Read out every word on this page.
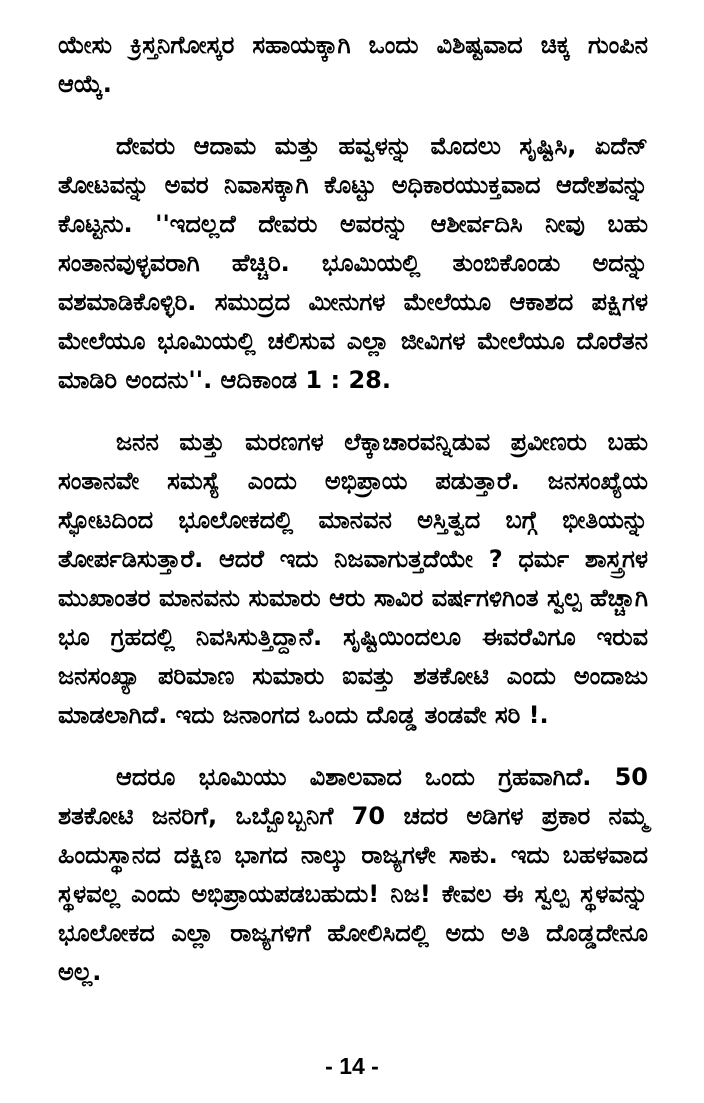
ಯೇಸು ಕ್ರಿಸ್ತನಿಗೋಸ್ಕರ ಸಹಾಯಕ್ಕಾಗಿ ಒಂದು ವಿಶಿಷ್ಟವಾದ ಚಿಕ್ಕ ಗುಂಪಿನ ಆಯ್ಕೆ.

ದೇವರು ಆದಾಮ ಮತ್ತು ಹವ್ವಳನ್ನು ಮೊದಲು ಸೃಷ್ಟಿಸಿ, ಏದೆನ್ ತೋಟವನ್ನು ಅವರ ನಿವಾಸಕ್ಕಾಗಿ ಕೊಟ್ಟು ಅಧಿಕಾರಯುಕ್ತವಾದ ಆದೇಶವನ್ನು ಕೊಟ್ಟನು. ''ಇದಲ್ಲದೆ ದೇವರು ಅವರನ್ನು ಆಶೀರ್ವದಿಸಿ ನೀವು ಬಹು ಸಂತಾನವುಳ್ಳವರಾಗಿ ಹೆಚ್ಚಿರಿ. ಭೂಮಿಯಲ್ಲಿ ತುಂಬಿಕೊಂಡು ಅದನ್ನು ವಶಮಾಡಿಕೊಳ್ಳಿರಿ. ಸಮುದ್ರದ ಮೀನುಗಳ ಮೇಲೆಯೂ ಆಕಾಶದ ಪಕ್ಷಿಗಳ ಮೇಲೆಯೂ ಭೂಮಿಯಲ್ಲಿ ಚಲಿಸುವ ಎಲ್ಲಾ ಜೀವಿಗಳ ಮೇಲೆಯೂ ದೊರೆತನ ಮಾಡಿರಿ ಅಂದನು''. ಆದಿಕಾಂಡ 1 : 28.

ಜನನ ಮತ್ತು ಮರಣಗಳ ಲೆಕ್ಕಾಚಾರವನ್ನಿಡುವ ಪ್ರವೀಣರು ಬಹು ಸಂತಾನವೇ ಸಮಸ್ಯೆ ಎಂದು ಅಭಿಪ್ರಾಯ ಪಡುತ್ತಾರೆ. ಜನಸಂಖ್ಯೆಯ ಸ್ಫೋಟದಿಂದ ಭೂಲೋಕದಲ್ಲಿ ಮಾನವನ ಅಸ್ತಿತ್ವದ ಬಗ್ಗೆ ಭೀತಿಯನ್ನು ತೋರ್ಪಡಿಸುತ್ತಾರೆ. ಆದರೆ ಇದು ನಿಜವಾಗುತ್ತದೆಯೇ ? ಧರ್ಮ ಶಾಸ್ತ್ರಗಳ ಮುಖಾಂತರ ಮಾನವನು ಸುಮಾರು ಆರು ಸಾವಿರ ವರ್ಷಗಳಿಗಿಂತ ಸ್ವಲ್ಪ ಹೆಚ್ಚಾಗಿ ಭೂ ಗ್ರಹದಲ್ಲಿ ನಿವಸಿಸುತ್ತಿದ್ದಾನೆ. ಸೃಷ್ಟಿಯಿಂದಲೂ ಈವರೆವಿಗೂ ಇರುವ ಜನಸಂಖ್ಯಾ ಪರಿಮಾಣ ಸುಮಾರು ಐವತ್ತು ಶತಕೋಟಿ ಎಂದು ಅಂದಾಜು ಮಾಡಲಾಗಿದೆ. ಇದು ಜನಾಂಗದ ಒಂದು ದೊಡ್ಡ ತಂಡವೇ ಸರಿ !.

ಆದರೂ ಭೂಮಿಯು ವಿಶಾಲವಾದ ಒಂದು ಗ್ರಹವಾಗಿದೆ. 50 ಶತಕೋಟಿ ಜನರಿಗೆ, ಒಬ್ಬೊಬ್ಬನಿಗೆ 70 ಚದರ ಅಡಿಗಳ ಪ್ರಕಾರ ನಮ್ಮ ಹಿಂದುಸ್ಥಾನದ ದಕ್ಷಿಣ ಭಾಗದ ನಾಲ್ಕು ರಾಜ್ಯಗಳೇ ಸಾಕು. ಇದು ಬಹಳವಾದ ಸ್ಥಳವಲ್ಲ ಎಂದು ಅಭಿಪ್ರಾಯಪಡಬಹುದು! ನಿಜ! ಕೇವಲ ಈ ಸ್ವಲ್ಪ ಸ್ಥಳವನ್ನು ಭೂಲೋಕದ ಎಲ್ಲಾ ರಾಜ್ಯಗಳಿಗೆ ಹೋಲಿಸಿದಲ್ಲಿ ಅದು ಅತಿ ದೊಡ್ಡದೇನೂ ಅಲ್ಲ.

- 14 -
